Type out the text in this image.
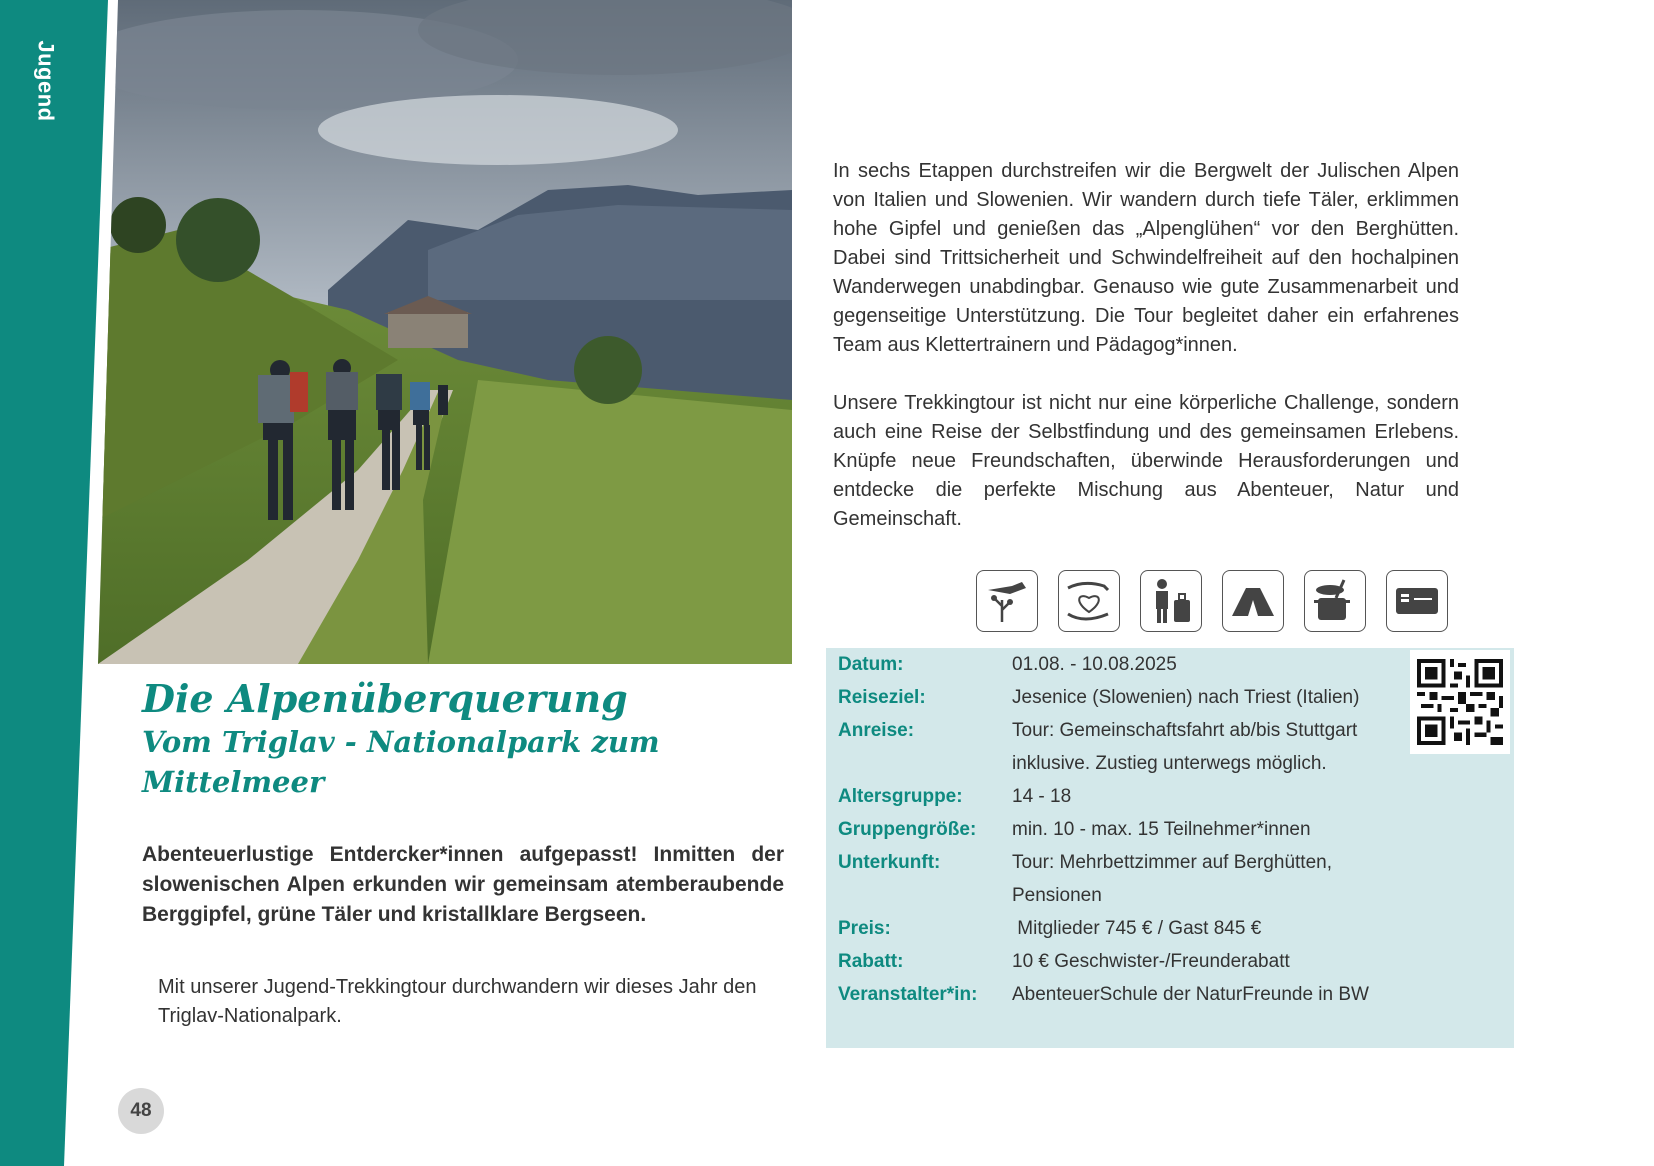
Jugend
Die Alpenüberquerung
Vom Triglav - Nationalpark zum Mittelmeer
Abenteuerlustige Entdercker*innen aufgepasst! Inmitten der slowenischen Alpen erkunden wir gemeinsam atemberaubende Berggipfel, grüne Täler und kristallklare Bergseen.
Mit unserer Jugend-Trekkingtour durchwandern wir dieses Jahr den Triglav-Nationalpark.

In sechs Etappen durchstreifen wir die Bergwelt der Julischen Alpen von Italien und Slowenien. Wir wandern durch tiefe Täler, erklimmen hohe Gipfel und genießen das „Alpenglühen“ vor den Berghütten. Dabei sind Trittsicherheit und Schwindelfreiheit auf den hochalpinen Wanderwegen unabdingbar. Genauso wie gute Zusammenarbeit und gegenseitige Unterstützung. Die Tour begleitet daher ein erfahrenes Team aus Klettertrainern und Pädagog*innen.

Unsere Trekkingtour ist nicht nur eine körperliche Challenge, sondern auch eine Reise der Selbstfindung und des gemeinsamen Erlebens. Knüpfe neue Freundschaften, überwinde Herausforderungen und entdecke die perfekte Mischung aus Abenteuer, Natur und Gemeinschaft.

Datum:	01.08. - 10.08.2025
Reiseziel:	Jesenice (Slowenien) nach Triest (Italien)
Anreise:	Tour: Gemeinschaftsfahrt ab/bis Stuttgart
inklusive. Zustieg unterwegs möglich.
Altersgruppe:	14 - 18
Gruppengröße:	min. 10 - max. 15 Teilnehmer*innen
Unterkunft:	Tour: Mehrbettzimmer auf Berghütten,
Pensionen
Preis:	Mitglieder 745 € / Gast 845 €
Rabatt:	10 € Geschwister-/Freunderabatt
Veranstalter*in:	AbenteuerSchule der NaturFreunde in BW
48
